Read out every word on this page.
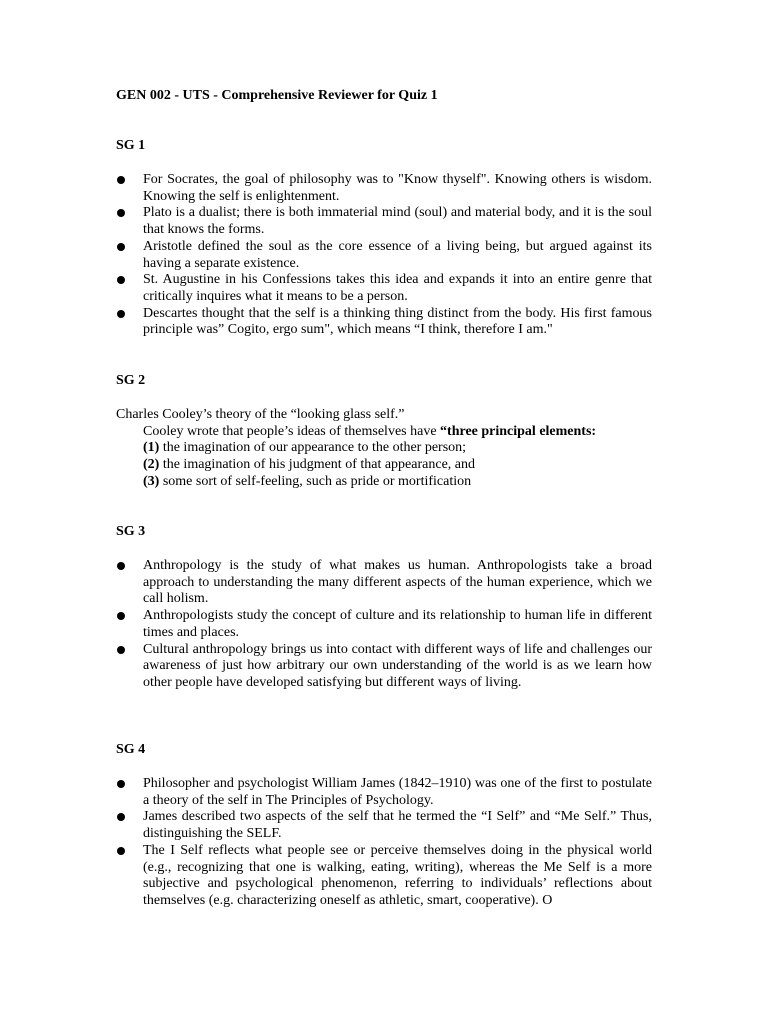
GEN 002 - UTS - Comprehensive Reviewer for Quiz 1
SG 1
For Socrates, the goal of philosophy was to "Know thyself". Knowing others is wisdom. Knowing the self is enlightenment.
Plato is a dualist; there is both immaterial mind (soul) and material body, and it is the soul that knows the forms.
Aristotle defined the soul as the core essence of a living being, but argued against its having a separate existence.
St. Augustine in his Confessions takes this idea and expands it into an entire genre that critically inquires what it means to be a person.
Descartes thought that the self is a thinking thing distinct from the body. His first famous principle was” Cogito, ergo sum", which means “I think, therefore I am."
SG 2
Charles Cooley’s theory of the “looking glass self.”
Cooley wrote that people’s ideas of themselves have “three principal elements:
(1) the imagination of our appearance to the other person;
(2) the imagination of his judgment of that appearance, and
(3) some sort of self-feeling, such as pride or mortification
SG 3
Anthropology is the study of what makes us human. Anthropologists take a broad approach to understanding the many different aspects of the human experience, which we call holism.
Anthropologists study the concept of culture and its relationship to human life in different times and places.
Cultural anthropology brings us into contact with different ways of life and challenges our awareness of just how arbitrary our own understanding of the world is as we learn how other people have developed satisfying but different ways of living.
SG 4
Philosopher and psychologist William James (1842–1910) was one of the first to postulate a theory of the self in The Principles of Psychology.
James described two aspects of the self that he termed the “I Self” and “Me Self.” Thus, distinguishing the SELF.
The I Self reflects what people see or perceive themselves doing in the physical world (e.g., recognizing that one is walking, eating, writing), whereas the Me Self is a more subjective and psychological phenomenon, referring to individuals’ reflections about themselves (e.g. characterizing oneself as athletic, smart, cooperative). O
